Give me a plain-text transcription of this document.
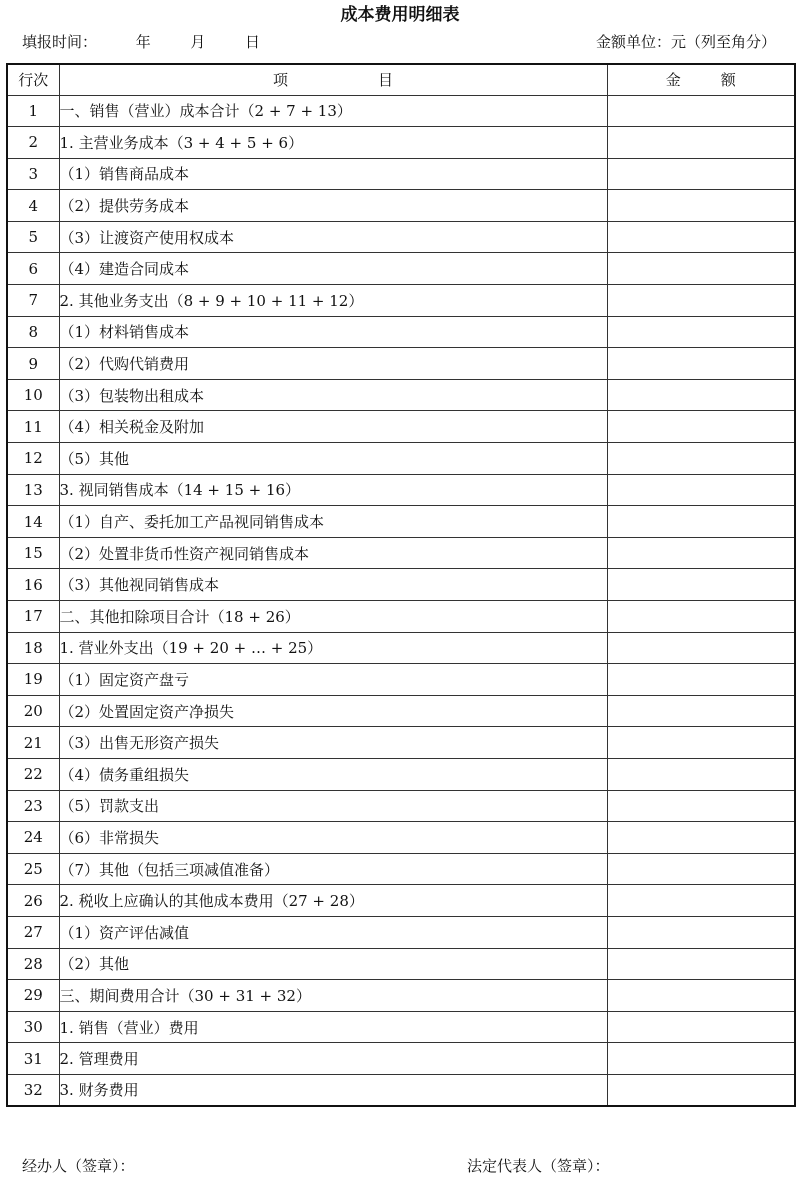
成本费用明细表
填报时间：	年	月	日	金额单位：元（列至角分）
行次	项　　目	金　额
1	一、销售（营业）成本合计（2 + 7 + 13）	
2	1. 主营业务成本（3 + 4 + 5 + 6）	
3	（1）销售商品成本	
4	（2）提供劳务成本	
5	（3）让渡资产使用权成本	
6	（4）建造合同成本	
7	2. 其他业务支出（8 + 9 + 10 + 11 + 12）	
8	（1）材料销售成本	
9	（2）代购代销费用	
10	（3）包装物出租成本	
11	（4）相关税金及附加	
12	（5）其他	
13	3. 视同销售成本（14 + 15 + 16）	
14	（1）自产、委托加工产品视同销售成本	
15	（2）处置非货币性资产视同销售成本	
16	（3）其他视同销售成本	
17	二、其他扣除项目合计（18 + 26）	
18	1. 营业外支出（19 + 20 + … + 25）	
19	（1）固定资产盘亏	
20	（2）处置固定资产净损失	
21	（3）出售无形资产损失	
22	（4）债务重组损失	
23	（5）罚款支出	
24	（6）非常损失	
25	（7）其他（包括三项减值准备）	
26	2. 税收上应确认的其他成本费用（27 + 28）	
27	（1）资产评估减值	
28	（2）其他	
29	三、期间费用合计（30 + 31 + 32）	
30	1. 销售（营业）费用	
31	2. 管理费用	
32	3. 财务费用	
经办人（签章）：	法定代表人（签章）：
